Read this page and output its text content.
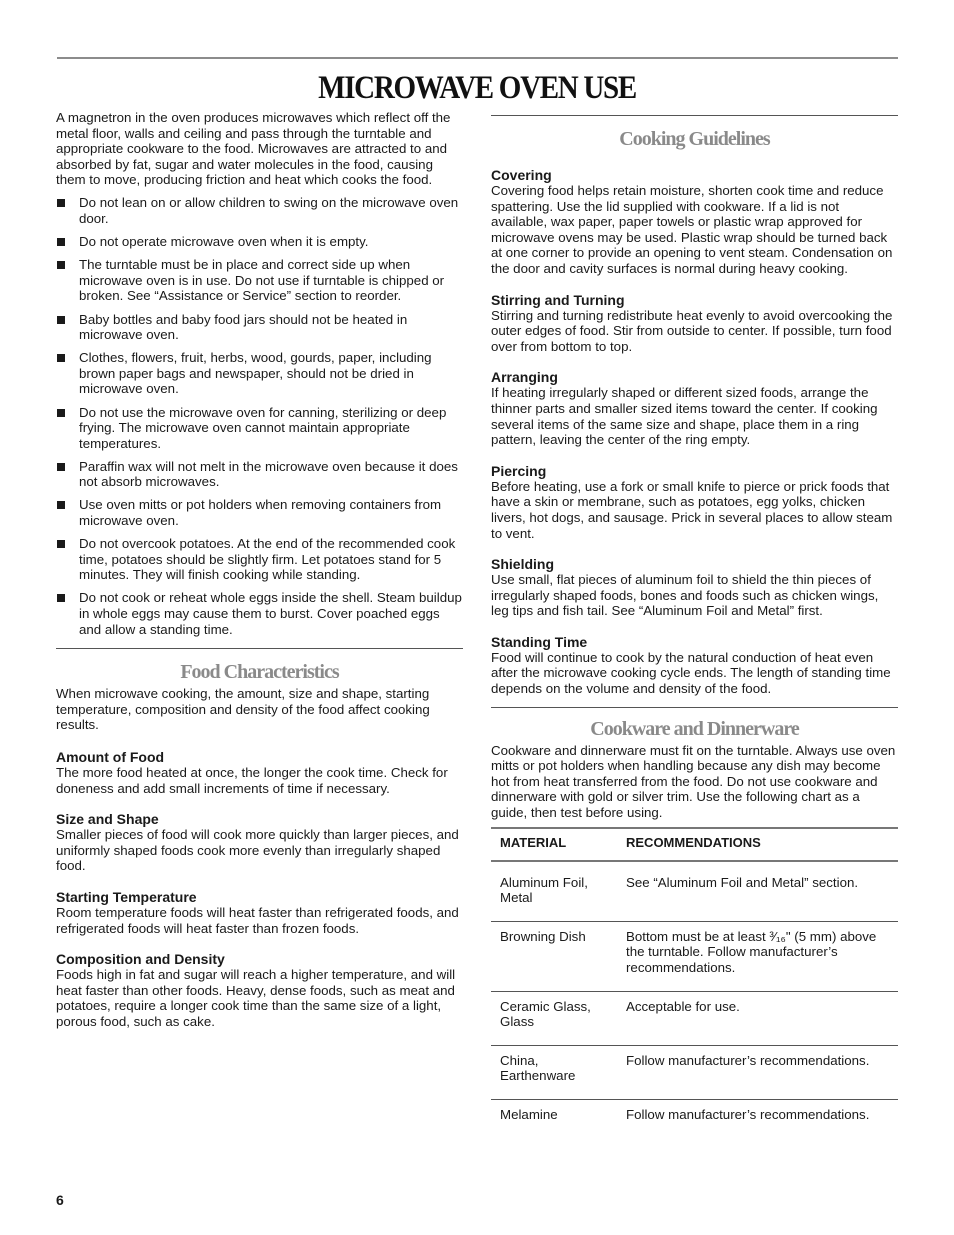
MICROWAVE OVEN USE

A magnetron in the oven produces microwaves which reflect off the metal floor, walls and ceiling and pass through the turntable and appropriate cookware to the food. Microwaves are attracted to and absorbed by fat, sugar and water molecules in the food, causing them to move, producing friction and heat which cooks the food.

Do not lean on or allow children to swing on the microwave oven door.
Do not operate microwave oven when it is empty.
The turntable must be in place and correct side up when microwave oven is in use. Do not use if turntable is chipped or broken. See “Assistance or Service” section to reorder.
Baby bottles and baby food jars should not be heated in microwave oven.
Clothes, flowers, fruit, herbs, wood, gourds, paper, including brown paper bags and newspaper, should not be dried in microwave oven.
Do not use the microwave oven for canning, sterilizing or deep frying. The microwave oven cannot maintain appropriate temperatures.
Paraffin wax will not melt in the microwave oven because it does not absorb microwaves.
Use oven mitts or pot holders when removing containers from microwave oven.
Do not overcook potatoes. At the end of the recommended cook time, potatoes should be slightly firm. Let potatoes stand for 5 minutes. They will finish cooking while standing.
Do not cook or reheat whole eggs inside the shell. Steam buildup in whole eggs may cause them to burst. Cover poached eggs and allow a standing time.
Food Characteristics

When microwave cooking, the amount, size and shape, starting temperature, composition and density of the food affect cooking results.

Amount of Food

The more food heated at once, the longer the cook time. Check for doneness and add small increments of time if necessary.

Size and Shape

Smaller pieces of food will cook more quickly than larger pieces, and uniformly shaped foods cook more evenly than irregularly shaped food.

Starting Temperature

Room temperature foods will heat faster than refrigerated foods, and refrigerated foods will heat faster than frozen foods.

Composition and Density

Foods high in fat and sugar will reach a higher temperature, and will heat faster than other foods. Heavy, dense foods, such as meat and potatoes, require a longer cook time than the same size of a light, porous food, such as cake.

Cooking Guidelines

Covering

Covering food helps retain moisture, shorten cook time and reduce spattering. Use the lid supplied with cookware. If a lid is not available, wax paper, paper towels or plastic wrap approved for microwave ovens may be used. Plastic wrap should be turned back at one corner to provide an opening to vent steam. Condensation on the door and cavity surfaces is normal during heavy cooking.

Stirring and Turning

Stirring and turning redistribute heat evenly to avoid overcooking the outer edges of food. Stir from outside to center. If possible, turn food over from bottom to top.

Arranging

If heating irregularly shaped or different sized foods, arrange the thinner parts and smaller sized items toward the center. If cooking several items of the same size and shape, place them in a ring pattern, leaving the center of the ring empty.

Piercing

Before heating, use a fork or small knife to pierce or prick foods that have a skin or membrane, such as potatoes, egg yolks, chicken livers, hot dogs, and sausage. Prick in several places to allow steam to vent.

Shielding

Use small, flat pieces of aluminum foil to shield the thin pieces of irregularly shaped foods, bones and foods such as chicken wings, leg tips and fish tail. See “Aluminum Foil and Metal” first.

Standing Time

Food will continue to cook by the natural conduction of heat even after the microwave cooking cycle ends. The length of standing time depends on the volume and density of the food.

Cookware and Dinnerware

Cookware and dinnerware must fit on the turntable. Always use oven mitts or pot holders when handling because any dish may become hot from heat transferred from the food. Do not use cookware and dinnerware with gold or silver trim. Use the following chart as a guide, then test before using.

MATERIAL	RECOMMENDATIONS
Aluminum Foil, Metal	See “Aluminum Foil and Metal” section.
Browning Dish	Bottom must be at least ³⁄₁₆" (5 mm) above the turntable. Follow manufacturer’s recommendations.
Ceramic Glass, Glass	Acceptable for use.
China, Earthenware	Follow manufacturer’s recommendations.
Melamine	Follow manufacturer’s recommendations.
6
